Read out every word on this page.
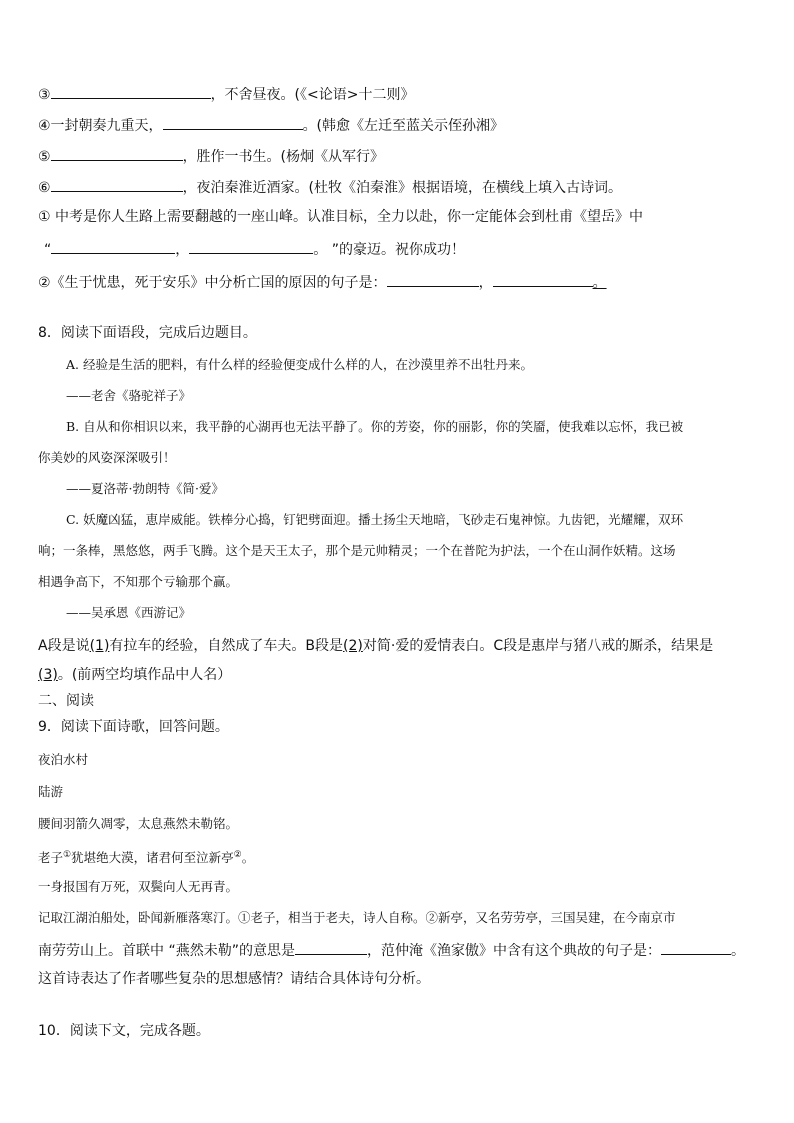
③	，不舍昼夜。(《<论语>十二则》
④一封朝奏九重天，	。(韩愈《左迁至蓝关示侄孙湘》
⑤	，胜作一书生。(杨炯《从军行》
⑥	，夜泊秦淮近酒家。(杜牧《泊秦淮》根据语境，在横线上填入古诗词。
① 中考是你人生路上需要翻越的一座山峰。认准目标，全力以赴，你一定能体会到杜甫《望岳》中
“	，	。 ”的豪迈。祝你成功！
②《生于忧患，死于安乐》中分析亡国的原因的句子是：	，	。
8．阅读下面语段，完成后边题目。
A. 经验是生活的肥料，有什么样的经验便变成什么样的人，在沙漠里养不出牡丹来。
——老舍《骆驼祥子》
B. 自从和你相识以来，我平静的心湖再也无法平静了。你的芳姿，你的丽影，你的笑靥，使我难以忘怀，我已被
你美妙的风姿深深吸引！
——夏洛蒂·勃朗特《简·爱》
C. 妖魔凶猛，恵岸威能。铁棒分心捣，钉钯劈面迎。播土扬尘天地暗，飞砂走石鬼神惊。九齿钯，光耀耀，双环
响；一条棒，黑悠悠，两手飞腾。这个是天王太子，那个是元帅精灵；一个在普陀为护法，一个在山洞作妖精。这场
相遇争高下，不知那个亏输那个赢。
——吴承恩《西游记》
A段是说(1)有拉车的经验，自然成了车夫。B段是(2)对简·爱的爱情表白。C段是惠岸与猪八戒的厮杀，结果是
(3)。(前两空均填作品中人名）
二、阅读
9．阅读下面诗歌，回答问题。
夜泊水村
陆游
腰间羽箭久凋零，太息燕然未勒铭。
老子①犹堪绝大漠，诸君何至泣新亭②。
一身报国有万死，双鬓向人无再青。
记取江湖泊船处，卧闻新雁落寒汀。①老子，相当于老夫，诗人自称。②新亭，又名劳劳亭，三国吴建，在今南京市
南劳劳山上。首联中 “燕然未勒”的意思是	，范仲淹《渔家傲》中含有这个典故的句子是：	。
这首诗表达了作者哪些复杂的思想感情？请结合具体诗句分析。
10．阅读下文，完成各题。
